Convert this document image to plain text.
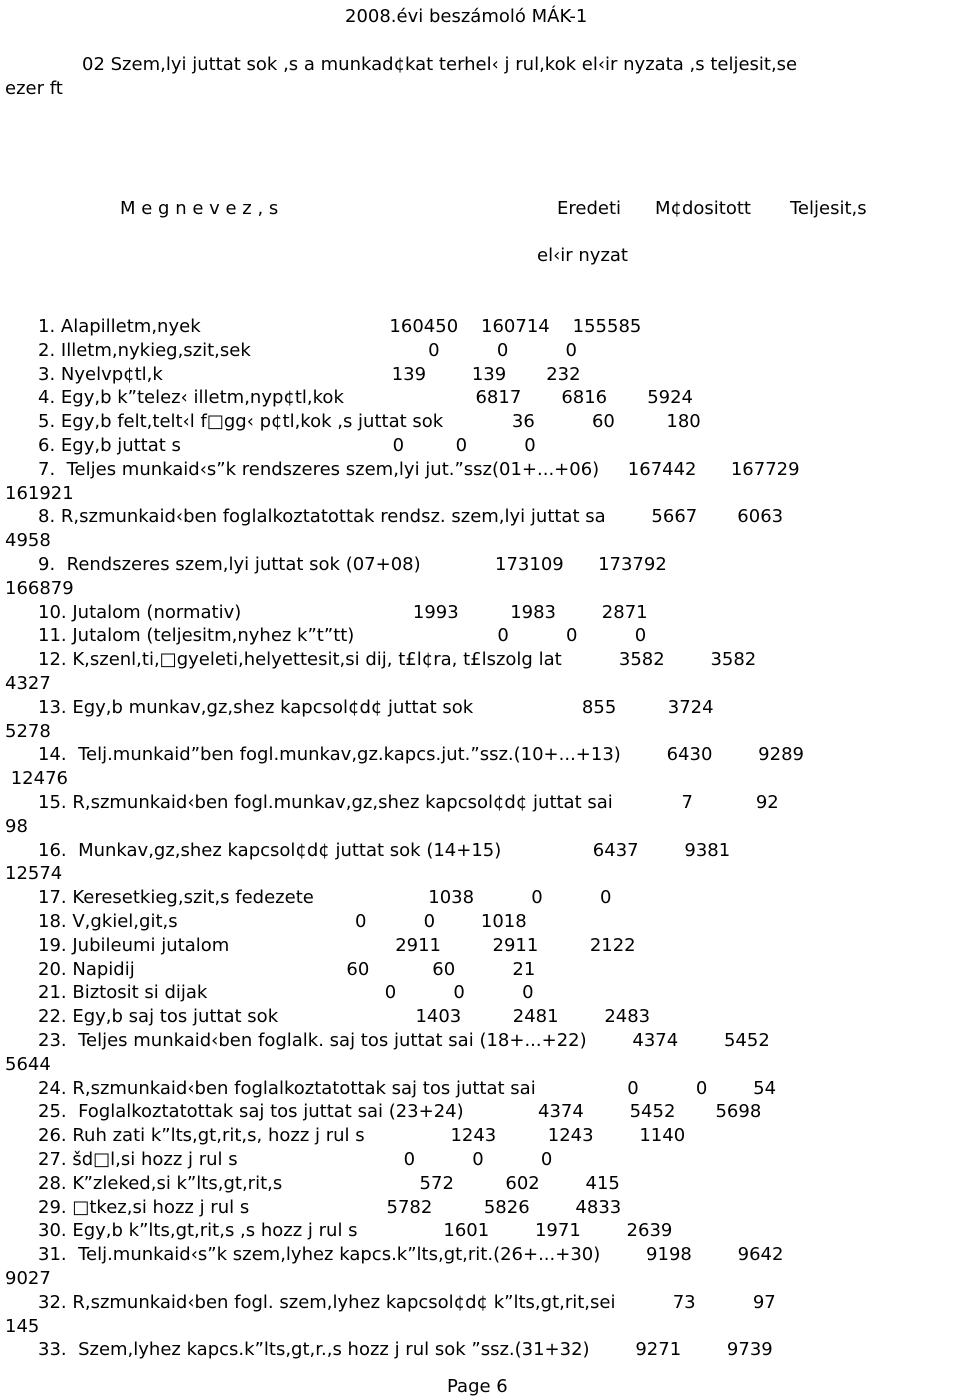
2008.évi beszámoló MÁK-1
02 Szem,lyi juttat sok ,s a munkad¢kat terhel‹ j rul,kok el‹ir nyzata ,s teljesit,se
ezer ft
M e g n e v e z , s	Eredeti M¢dositott Teljesit,s
el‹ir nyzat
1. Alapilletm,nyek                                 160450    160714    155585
2. Illetm,nykieg,szit,sek                               0          0          0
3. Nyelvp¢tl,k                                        139        139       232
4. Egy,b k”telez‹ illetm,nyp¢tl,kok                       6817       6816       5924
5. Egy,b felt,telt‹l f□gg‹ p¢tl,kok ,s juttat sok            36          60         180
6. Egy,b juttat s                                     0         0          0
7.  Teljes munkaid‹s”k rendszeres szem,lyi jut.”ssz(01+...+06)     167442      167729
161921
8. R,szmunkaid‹ben foglalkoztatottak rendsz. szem,lyi juttat sa        5667       6063
4958
9.  Rendszeres szem,lyi juttat sok (07+08)             173109      173792
166879
10. Jutalom (normativ)                              1993         1983        2871
11. Jutalom (teljesitm,nyhez k”t”tt)                         0          0          0
12. K,szenl,ti,□gyeleti,helyettesit,si dij, t£l¢ra, t£lszolg lat          3582        3582
4327
13. Egy,b munkav,gz,shez kapcsol¢d¢ juttat sok                   855         3724
5278
14.  Telj.munkaid”ben fogl.munkav,gz.kapcs.jut.”ssz.(10+...+13)        6430        9289
12476
15. R,szmunkaid‹ben fogl.munkav,gz,shez kapcsol¢d¢ juttat sai            7           92
98
16.  Munkav,gz,shez kapcsol¢d¢ juttat sok (14+15)                6437        9381
12574
17. Keresetkieg,szit,s fedezete                    1038          0          0
18. V,gkiel,git,s                               0          0        1018
19. Jubileumi jutalom                             2911         2911         2122
20. Napidij                                     60           60          21
21. Biztosit si dijak                               0          0          0
22. Egy,b saj tos juttat sok                        1403         2481        2483
23.  Teljes munkaid‹ben foglalk. saj tos juttat sai (18+...+22)        4374        5452
5644
24. R,szmunkaid‹ben foglalkoztatottak saj tos juttat sai                0          0        54
25.  Foglalkoztatottak saj tos juttat sai (23+24)             4374        5452       5698
26. Ruh zati k”lts,gt,rit,s, hozz j rul s               1243         1243        1140
27. šd□l,si hozz j rul s                             0          0          0
28. K”zleked,si k”lts,gt,rit,s                        572         602        415
29. □tkez,si hozz j rul s                        5782         5826        4833
30. Egy,b k”lts,gt,rit,s ,s hozz j rul s               1601        1971        2639
31.  Telj.munkaid‹s”k szem,lyhez kapcs.k”lts,gt,rit.(26+...+30)        9198        9642
9027
32. R,szmunkaid‹ben fogl. szem,lyhez kapcsol¢d¢ k”lts,gt,rit,sei          73          97
145
33.  Szem,lyhez kapcs.k”lts,gt,r.,s hozz j rul sok ”ssz.(31+32)        9271        9739
Page 6
